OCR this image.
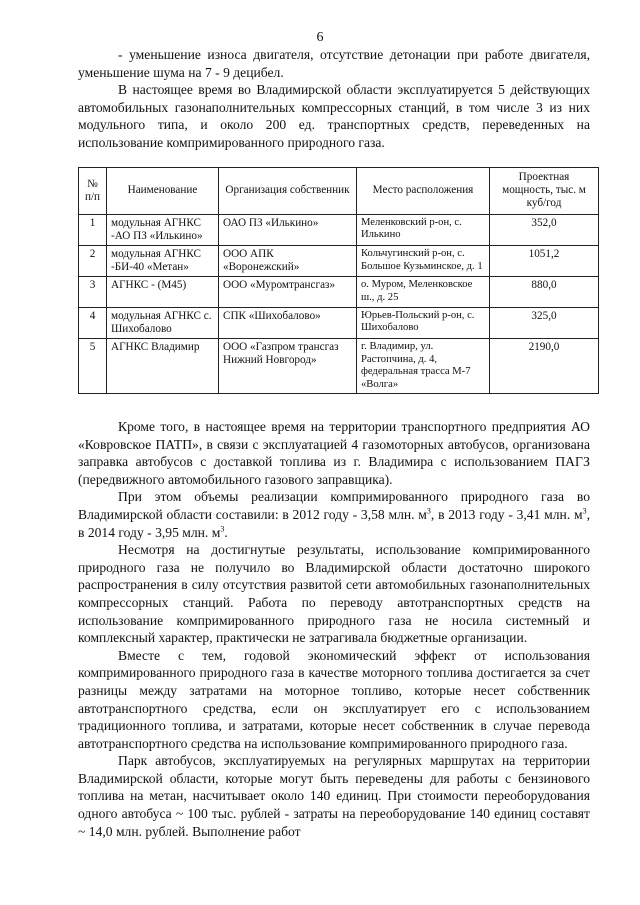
6

- уменьшение износа двигателя, отсутствие детонации при работе двигателя, уменьшение шума на 7 - 9 децибел.

В настоящее время во Владимирской области эксплуатируется 5 действующих автомобильных газонаполнительных компрессорных станций, в том числе 3 из них модульного типа, и около 200 ед. транспортных средств, переведенных на использование компримированного природного газа.

№ п/п	Наименование	Организация собственник	Место расположения	Проектная мощность, тыс. м куб/год
1	модульная АГНКС -АО ПЗ «Илькино»	ОАО ПЗ «Илькино»	Меленковский р-он, с. Илькино	352,0
2	модульная АГНКС -БИ-40 «Метан»	ООО АПК «Воронежский»	Кольчугинский р-он, с. Большое Кузьминское, д. 1	1051,2
3	АГНКС - (М45)	ООО «Муромтрансгаз»	о. Муром, Меленковское ш., д. 25	880,0
4	модульная АГНКС с. Шихобалово	СПК «Шихобалово»	Юрьев-Польский р-он, с. Шихобалово	325,0
5	АГНКС Владимир	ООО «Газпром трансгаз Нижний Новгород»	г. Владимир, ул. Растопчина, д. 4, федеральная трасса М-7 «Волга»	2190,0

Кроме того, в настоящее время на территории транспортного предприятия АО «Ковровское ПАТП», в связи с эксплуатацией 4 газомоторных автобусов, организована заправка автобусов с доставкой топлива из г. Владимира с использованием ПАГЗ (передвижного автомобильного газового заправщика).

При этом объемы реализации компримированного природного газа во Владимирской области составили: в 2012 году - 3,58 млн. $м^3$, в 2013 году - 3,41 млн. $м^3$, в 2014 году - 3,95 млн. $м^3$.

Несмотря на достигнутые результаты, использование компримированного природного газа не получило во Владимирской области достаточно широкого распространения в силу отсутствия развитой сети автомобильных газонаполнительных компрессорных станций. Работа по переводу автотранспортных средств на использование компримированного природного газа не носила системный и комплексный характер, практически не затрагивала бюджетные организации.

Вместе с тем, годовой экономический эффект от использования компримированного природного газа в качестве моторного топлива достигается за счет разницы между затратами на моторное топливо, которые несет собственник автотранспортного средства, если он эксплуатирует его с использованием традиционного топлива, и затратами, которые несет собственник в случае перевода автотранспортного средства на использование компримированного природного газа.

Парк автобусов, эксплуатируемых на регулярных маршрутах на территории Владимирской области, которые могут быть переведены для работы с бензинового топлива на метан, насчитывает около 140 единиц. При стоимости переоборудования одного автобуса ~ 100 тыс. рублей - затраты на переоборудование 140 единиц составят ~ 14,0 млн. рублей. Выполнение работ
